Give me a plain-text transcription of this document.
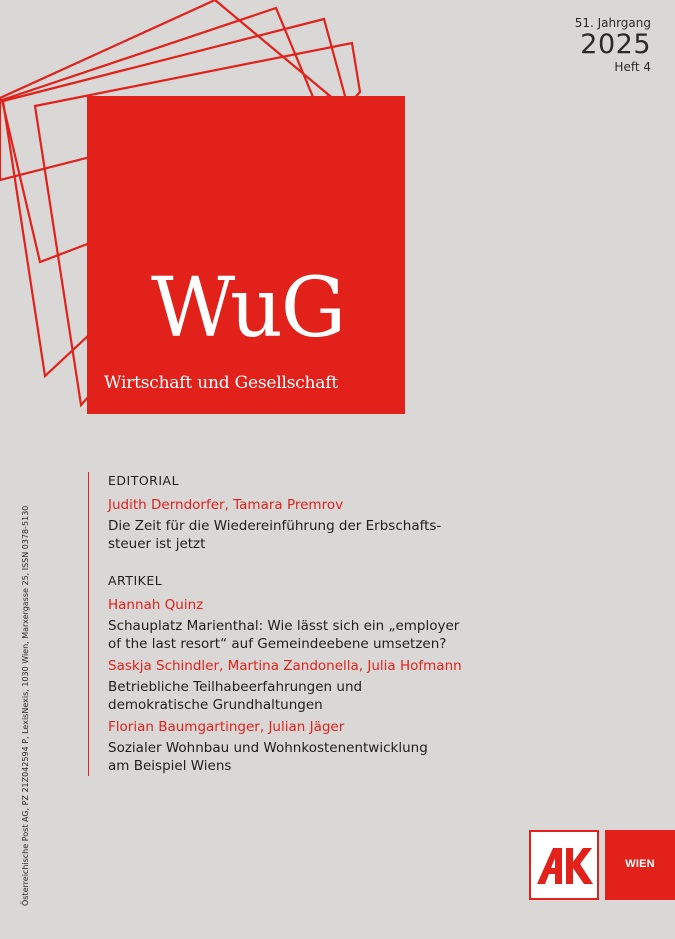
51. Jahrgang
2025
Heft 4
WuG
Wirtschaft und Gesellschaft
EDITORIAL
Judith Derndorfer, Tamara Premrov
Die Zeit für die Wiedereinführung der Erbschafts-
steuer ist jetzt
ARTIKEL
Hannah Quinz
Schauplatz Marienthal: Wie lässt sich ein „employer
of the last resort“ auf Gemeindeebene umsetzen?
Saskja Schindler, Martina Zandonella, Julia Hofmann
Betriebliche Teilhabeerfahrungen und
demokratische Grundhaltungen
Florian Baumgartinger, Julian Jäger
Sozialer Wohnbau und Wohnkostenentwicklung
am Beispiel Wiens
Österreichische Post AG, PZ 21Z042594 P, LexisNexis, 1030 Wien, Marxergasse 25, ISSN 0378-5130	WIEN
